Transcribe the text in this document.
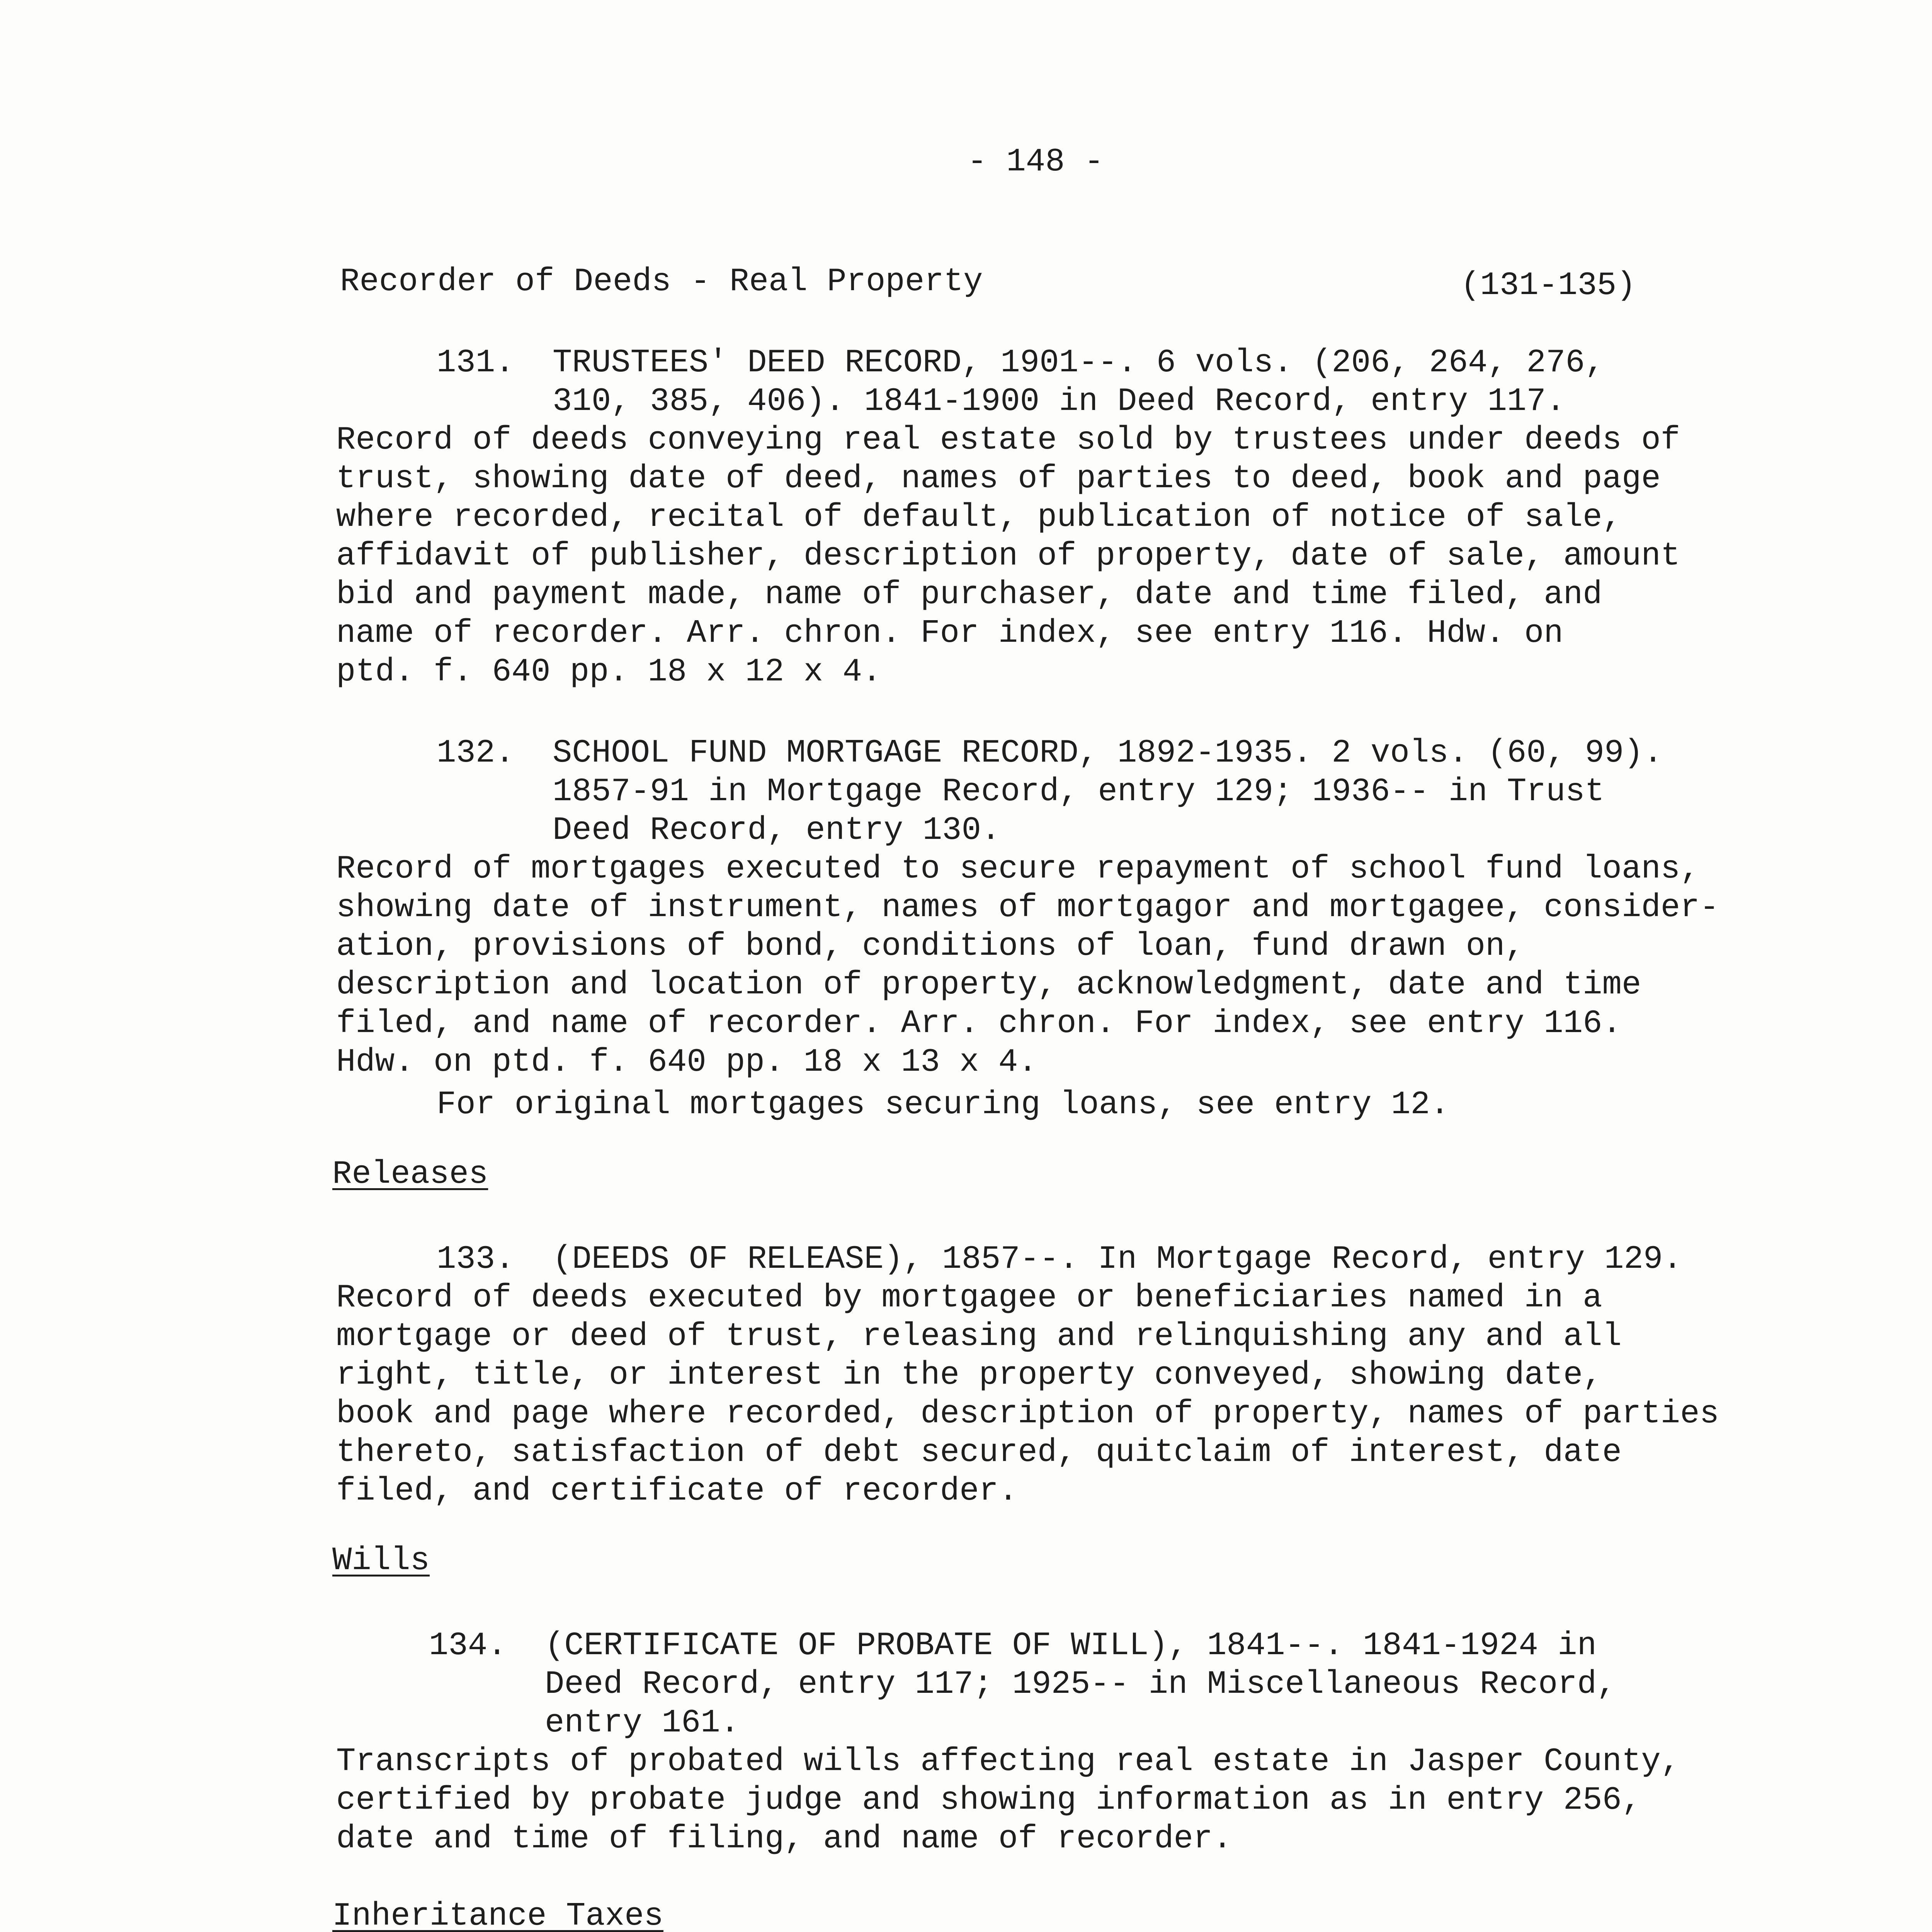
- 148 -
Recorder of Deeds - Real Property	(131-135)
131. TRUSTEES' DEED RECORD, 1901--. 6 vols. (206, 264, 276,
310, 385, 406). 1841-1900 in Deed Record, entry 117.
Record of deeds conveying real estate sold by trustees under deeds of
trust, showing date of deed, names of parties to deed, book and page
where recorded, recital of default, publication of notice of sale,
affidavit of publisher, description of property, date of sale, amount
bid and payment made, name of purchaser, date and time filed, and
name of recorder. Arr. chron. For index, see entry 116. Hdw. on
ptd. f. 640 pp. 18 x 12 x 4.
132. SCHOOL FUND MORTGAGE RECORD, 1892-1935. 2 vols. (60, 99).
1857-91 in Mortgage Record, entry 129; 1936-- in Trust
Deed Record, entry 130.
Record of mortgages executed to secure repayment of school fund loans,
showing date of instrument, names of mortgagor and mortgagee, consider-
ation, provisions of bond, conditions of loan, fund drawn on,
description and location of property, acknowledgment, date and time
filed, and name of recorder. Arr. chron. For index, see entry 116.
Hdw. on ptd. f. 640 pp. 18 x 13 x 4.
For original mortgages securing loans, see entry 12.
Releases
133. (DEEDS OF RELEASE), 1857--. In Mortgage Record, entry 129.
Record of deeds executed by mortgagee or beneficiaries named in a
mortgage or deed of trust, releasing and relinquishing any and all
right, title, or interest in the property conveyed, showing date,
book and page where recorded, description of property, names of parties
thereto, satisfaction of debt secured, quitclaim of interest, date
filed, and certificate of recorder.
Wills
134. (CERTIFICATE OF PROBATE OF WILL), 1841--. 1841-1924 in
Deed Record, entry 117; 1925-- in Miscellaneous Record,
entry 161.
Transcripts of probated wills affecting real estate in Jasper County,
certified by probate judge and showing information as in entry 256,
date and time of filing, and name of recorder.
Inheritance Taxes
